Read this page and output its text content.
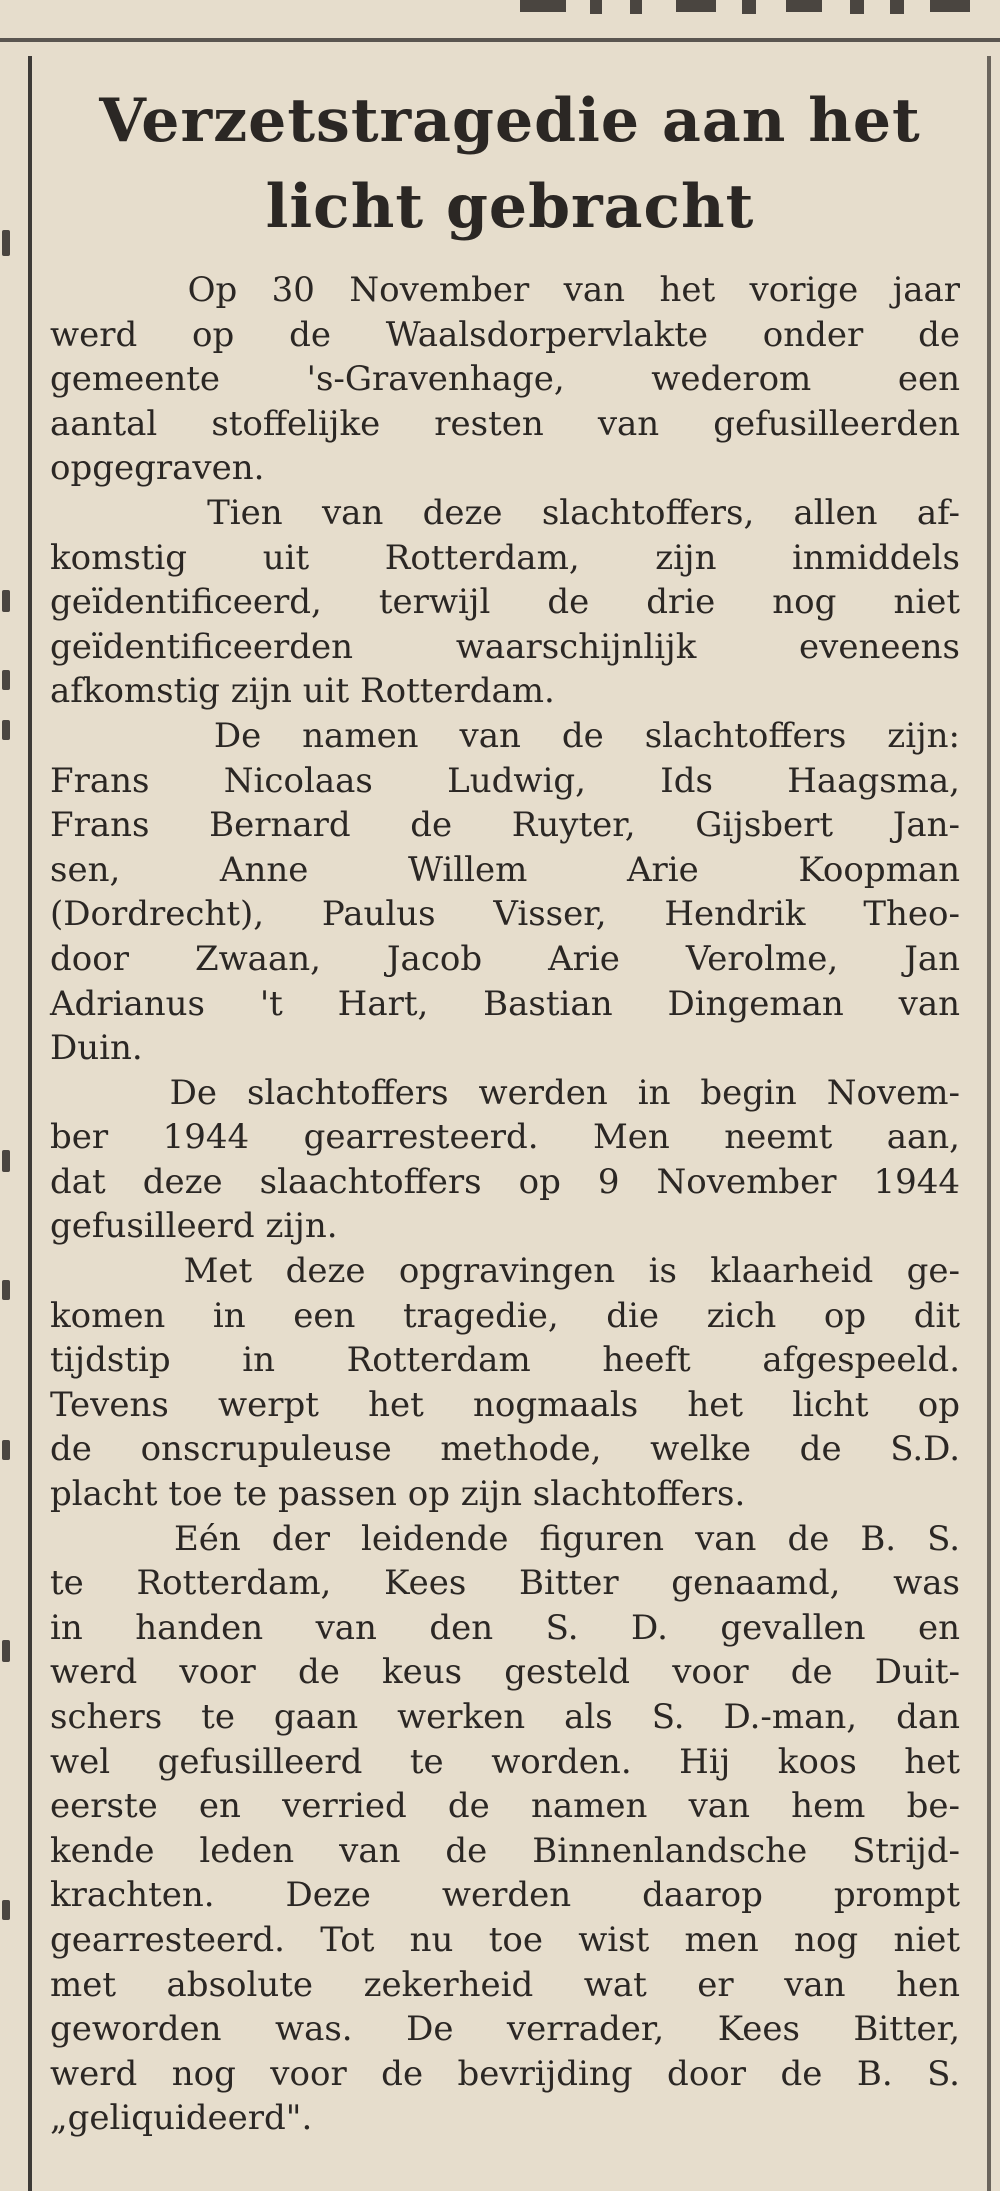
Verzetstragedie aan het
licht gebracht
Op 30 November van het vorige jaar
werd op de Waalsdorpervlakte onder de
gemeente 's-Gravenhage, wederom een
aantal stoffelijke resten van gefusilleerden
opgegraven.
Tien van deze slachtoffers, allen af-
komstig uit Rotterdam, zijn inmiddels
geïdentificeerd, terwijl de drie nog niet
geïdentificeerden waarschijnlijk eveneens
afkomstig zijn uit Rotterdam.
De namen van de slachtoffers zijn:
Frans Nicolaas Ludwig, Ids Haagsma,
Frans Bernard de Ruyter, Gijsbert Jan-
sen, Anne Willem Arie Koopman
(Dordrecht), Paulus Visser, Hendrik Theo-
door Zwaan, Jacob Arie Verolme, Jan
Adrianus 't Hart, Bastian Dingeman van
Duin.
De slachtoffers werden in begin Novem-
ber 1944 gearresteerd. Men neemt aan,
dat deze slaachtoffers op 9 November 1944
gefusilleerd zijn.
Met deze opgravingen is klaarheid ge-
komen in een tragedie, die zich op dit
tijdstip in Rotterdam heeft afgespeeld.
Tevens werpt het nogmaals het licht op
de onscrupuleuse methode, welke de S.D.
placht toe te passen op zijn slachtoffers.
Eén der leidende figuren van de B. S.
te Rotterdam, Kees Bitter genaamd, was
in handen van den S. D. gevallen en
werd voor de keus gesteld voor de Duit-
schers te gaan werken als S. D.-man, dan
wel gefusilleerd te worden. Hij koos het
eerste en verried de namen van hem be-
kende leden van de Binnenlandsche Strijd-
krachten. Deze werden daarop prompt
gearresteerd. Tot nu toe wist men nog niet
met absolute zekerheid wat er van hen
geworden was. De verrader, Kees Bitter,
werd nog voor de bevrijding door de B. S.
„geliquideerd".
